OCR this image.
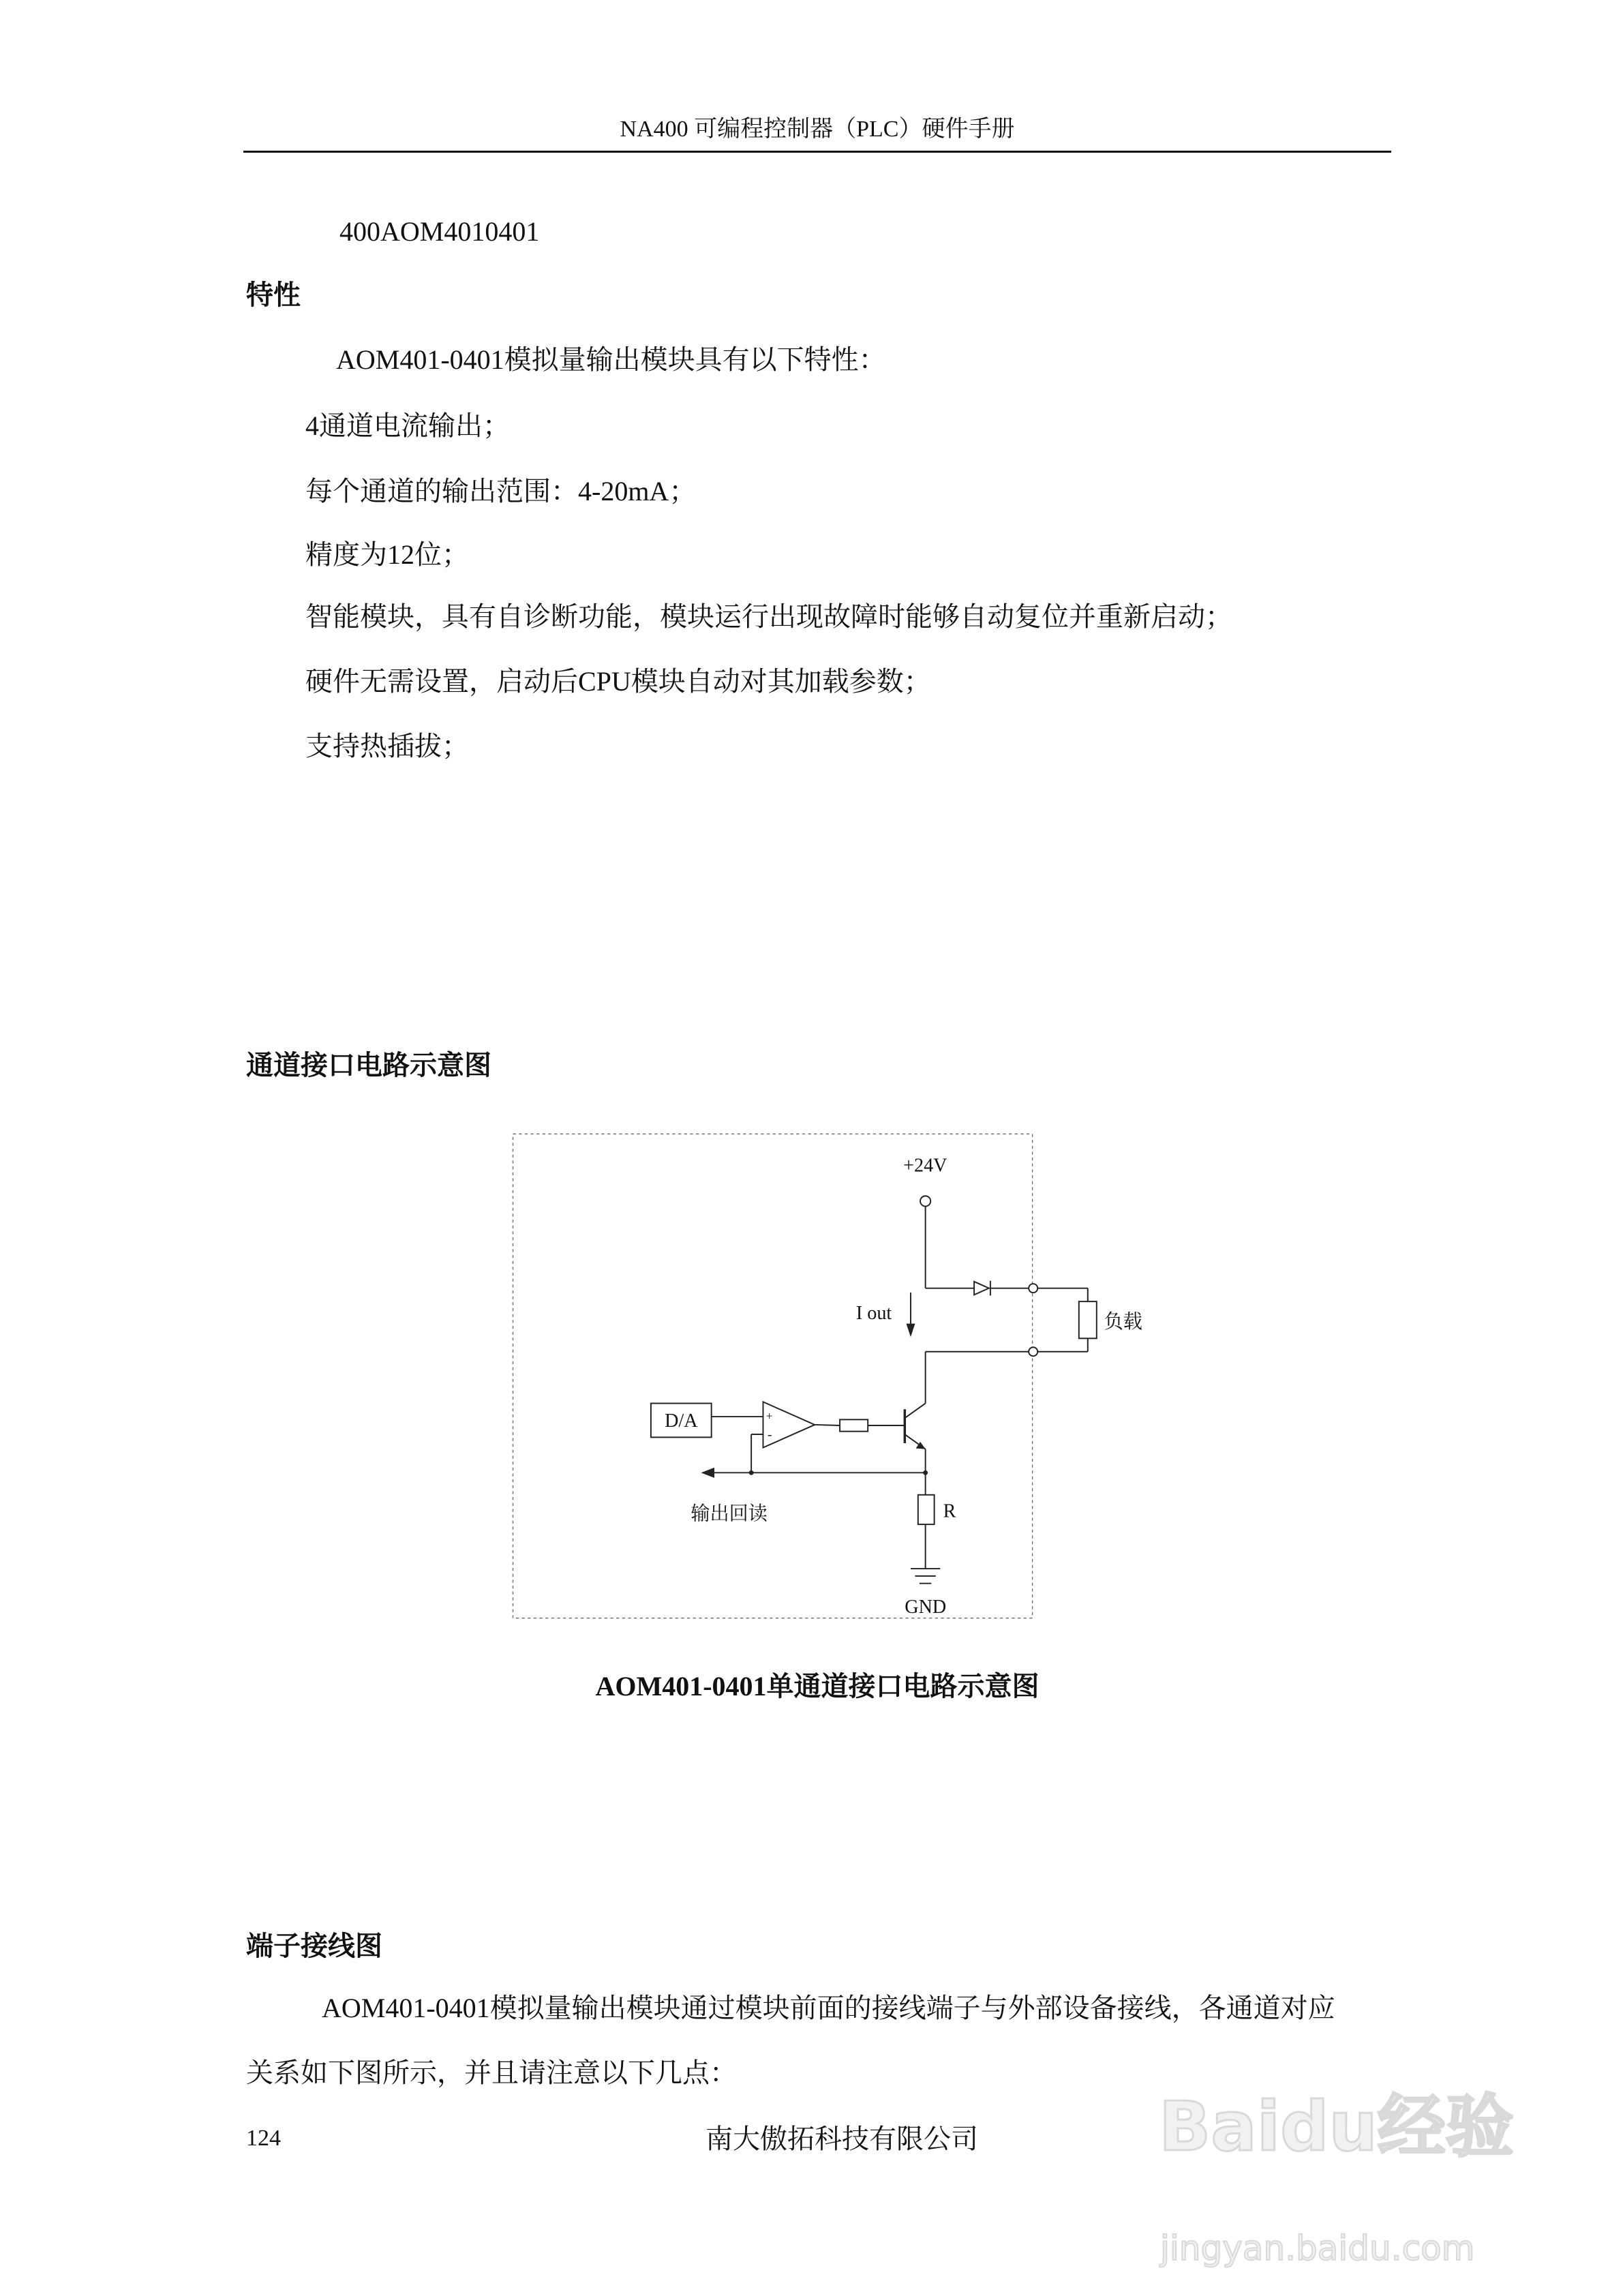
NA400 可编程控制器（PLC）硬件手册
400AOM4010401
特性
AOM401-0401模拟量输出模块具有以下特性：
4通道电流输出；
每个通道的输出范围：4-20mA；
精度为12位；
智能模块，具有自诊断功能，模块运行出现故障时能够自动复位并重新启动；
硬件无需设置，启动后CPU模块自动对其加载参数；
支持热插拔；
通道接口电路示意图
+24V
I out	负载
D/A	+
-
输出回读	R
GND
AOM401-0401单通道接口电路示意图
端子接线图
AOM401-0401模拟量输出模块通过模块前面的接线端子与外部设备接线，各通道对应
关系如下图所示，并且请注意以下几点：
124	南大傲拓科技有限公司	Baidu经验
jingyan.baidu.com
